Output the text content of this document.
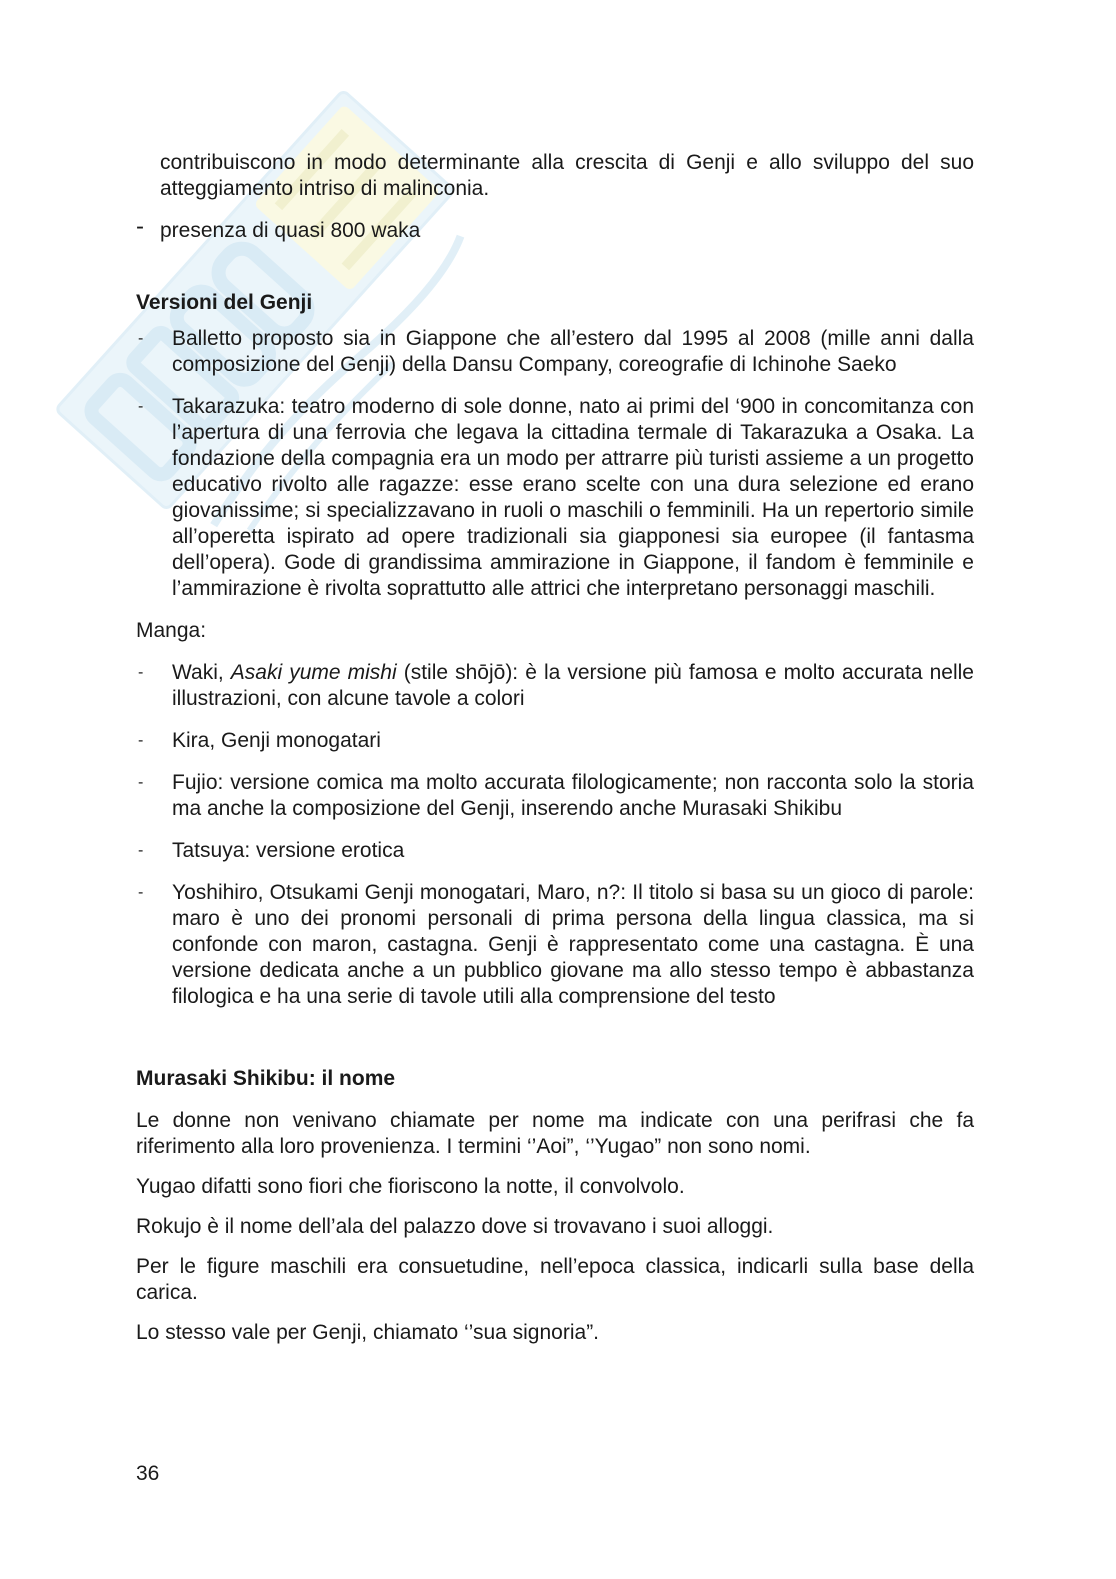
contribuiscono in modo determinante alla crescita di Genji e allo sviluppo del suo atteggiamento intriso di malinconia.

- presenza di quasi 800 waka

Versioni del Genji

- Balletto proposto sia in Giappone che all’estero dal 1995 al 2008 (mille anni dalla composizione del Genji) della Dansu Company, coreografie di Ichinohe Saeko
- Takarazuka: teatro moderno di sole donne, nato ai primi del ‘900 in concomitanza con l’apertura di una ferrovia che legava la cittadina termale di Takarazuka a Osaka. La fondazione della compagnia era un modo per attrarre più turisti assieme a un progetto educativo rivolto alle ragazze: esse erano scelte con una dura selezione ed erano giovanissime; si specializzavano in ruoli o maschili o femminili. Ha un repertorio simile all’operetta ispirato ad opere tradizionali sia giapponesi sia europee (il fantasma dell’opera). Gode di grandissima ammirazione in Giappone, il fandom è femminile e l’ammirazione è rivolta soprattutto alle attrici che interpretano personaggi maschili.

Manga:

- Waki, Asaki yume mishi (stile shōjō): è la versione più famosa e molto accurata nelle illustrazioni, con alcune tavole a colori
- Kira, Genji monogatari
- Fujio: versione comica ma molto accurata filologicamente; non racconta solo la storia ma anche la composizione del Genji, inserendo anche Murasaki Shikibu
- Tatsuya: versione erotica
- Yoshihiro, Otsukami Genji monogatari, Maro, n?: Il titolo si basa su un gioco di parole: maro è uno dei pronomi personali di prima persona della lingua classica, ma si confonde con maron, castagna. Genji è rappresentato come una castagna. È una versione dedicata anche a un pubblico giovane ma allo stesso tempo è abbastanza filologica e ha una serie di tavole utili alla comprensione del testo

Murasaki Shikibu: il nome

Le donne non venivano chiamate per nome ma indicate con una perifrasi che fa riferimento alla loro provenienza. I termini ‘’Aoi”, ‘’Yugao” non sono nomi.

Yugao difatti sono fiori che fioriscono la notte, il convolvolo.

Rokujo è il nome dell’ala del palazzo dove si trovavano i suoi alloggi.

Per le figure maschili era consuetudine, nell’epoca classica, indicarli sulla base della carica.

Lo stesso vale per Genji, chiamato ‘’sua signoria”.

36
